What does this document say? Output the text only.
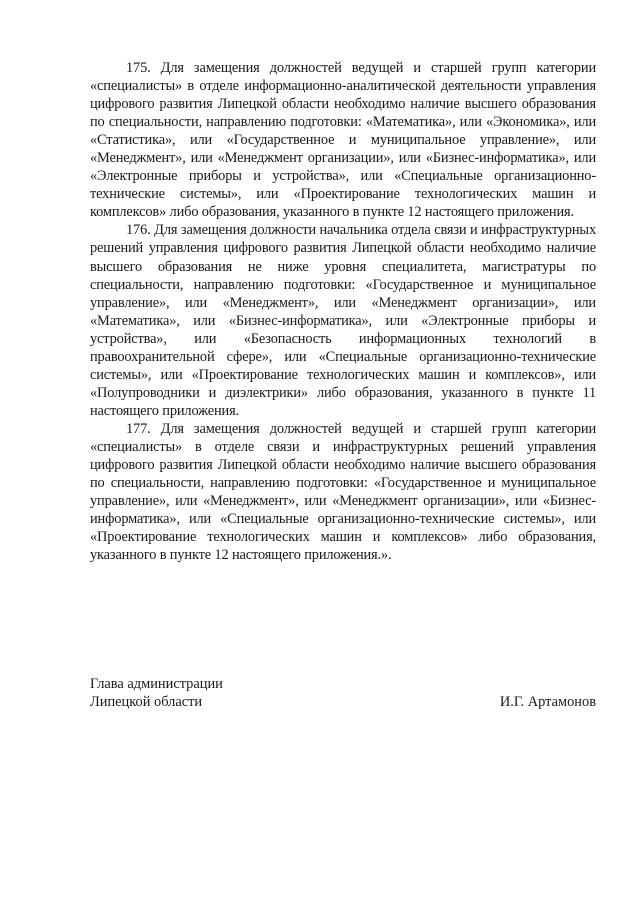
175. Для замещения должностей ведущей и старшей групп категории «специалисты» в отделе информационно-аналитической деятельности управления цифрового развития Липецкой области необходимо наличие высшего образования по специальности, направлению подготовки: «Математика», или «Экономика», или «Статистика», или «Государственное и муниципальное управление», или «Менеджмент», или «Менеджмент организации», или «Бизнес-информатика», или «Электронные приборы и устройства», или «Специальные организационно-технические системы», или «Проектирование технологических машин и комплексов» либо образования, указанного в пункте 12 настоящего приложения.

176. Для замещения должности начальника отдела связи и инфраструктурных решений управления цифрового развития Липецкой области необходимо наличие высшего образования не ниже уровня специалитета, магистратуры по специальности, направлению подготовки: «Государственное и муниципальное управление», или «Менеджмент», или «Менеджмент организации», или «Математика», или «Бизнес-информатика», или «Электронные приборы и устройства», или «Безопасность информационных технологий в правоохранительной сфере», или «Специальные организационно-технические системы», или «Проектирование технологических машин и комплексов», или «Полупроводники и диэлектрики» либо образования, указанного в пункте 11 настоящего приложения.

177. Для замещения должностей ведущей и старшей групп категории «специалисты» в отделе связи и инфраструктурных решений управления цифрового развития Липецкой области необходимо наличие высшего образования по специальности, направлению подготовки: «Государственное и муниципальное управление», или «Менеджмент», или «Менеджмент организации», или «Бизнес-информатика», или «Специальные организационно-технические системы», или «Проектирование технологических машин и комплексов» либо образования, указанного в пункте 12 настоящего приложения.».

Глава администрации
Липецкой области	И.Г. Артамонов
